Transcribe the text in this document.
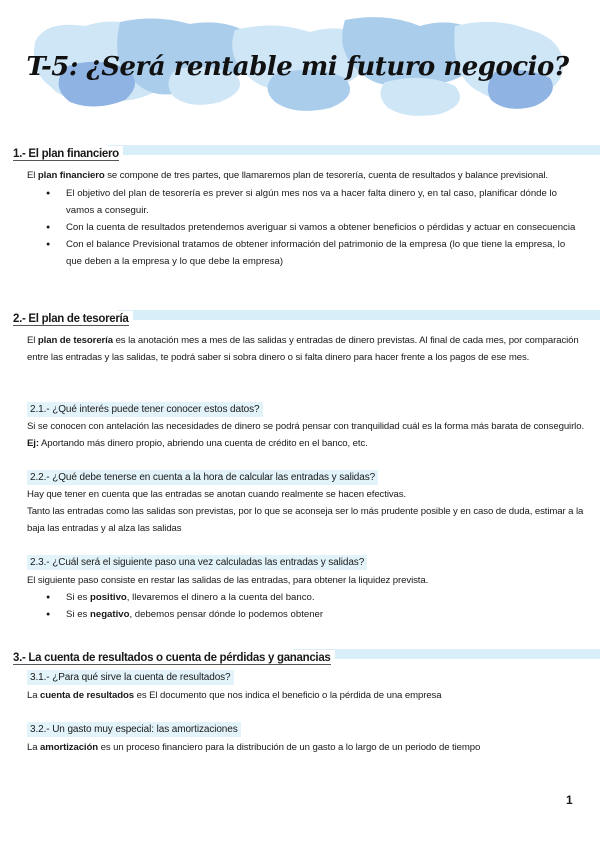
T-5: ¿Será rentable mi futuro negocio?
1.- El plan financiero
El plan financiero se compone de tres partes, que llamaremos plan de tesorería, cuenta de resultados y balance previsional.
● El objetivo del plan de tesorería es prever si algún mes nos va a hacer falta dinero y, en tal caso, planificar dónde lo vamos a conseguir.
● Con la cuenta de resultados pretendemos averiguar si vamos a obtener beneficios o pérdidas y actuar en consecuencia
● Con el balance Previsional tratamos de obtener información del patrimonio de la empresa (lo que tiene la empresa, lo que deben a la empresa y lo que debe la empresa)
2.- El plan de tesorería
El plan de tesorería es la anotación mes a mes de las salidas y entradas de dinero previstas. Al final de cada mes, por comparación entre las entradas y las salidas, te podrá saber si sobra dinero o si falta dinero para hacer frente a los pagos de ese mes.
2.1.- ¿Qué interés puede tener conocer estos datos?
Si se conocen con antelación las necesidades de dinero se podrá pensar con tranquilidad cuál es la forma más barata de conseguirlo. Ej: Aportando más dinero propio, abriendo una cuenta de crédito en el banco, etc.
2.2.- ¿Qué debe tenerse en cuenta a la hora de calcular las entradas y salidas?
Hay que tener en cuenta que las entradas se anotan cuando realmente se hacen efectivas.
Tanto las entradas como las salidas son previstas, por lo que se aconseja ser lo más prudente posible y en caso de duda, estimar a la baja las entradas y al alza las salidas
2.3.- ¿Cuál será el siguiente paso una vez calculadas las entradas y salidas?
El siguiente paso consiste en restar las salidas de las entradas, para obtener la liquidez prevista.
● Si es positivo, llevaremos el dinero a la cuenta del banco.
● Si es negativo, debemos pensar dónde lo podemos obtener
3.- La cuenta de resultados o cuenta de pérdidas y ganancias
3.1.- ¿Para qué sirve la cuenta de resultados?
La cuenta de resultados es El documento que nos indica el beneficio o la pérdida de una empresa
3.2.- Un gasto muy especial: las amortizaciones
La amortización es un proceso financiero para la distribución de un gasto a lo largo de un periodo de tiempo
1
